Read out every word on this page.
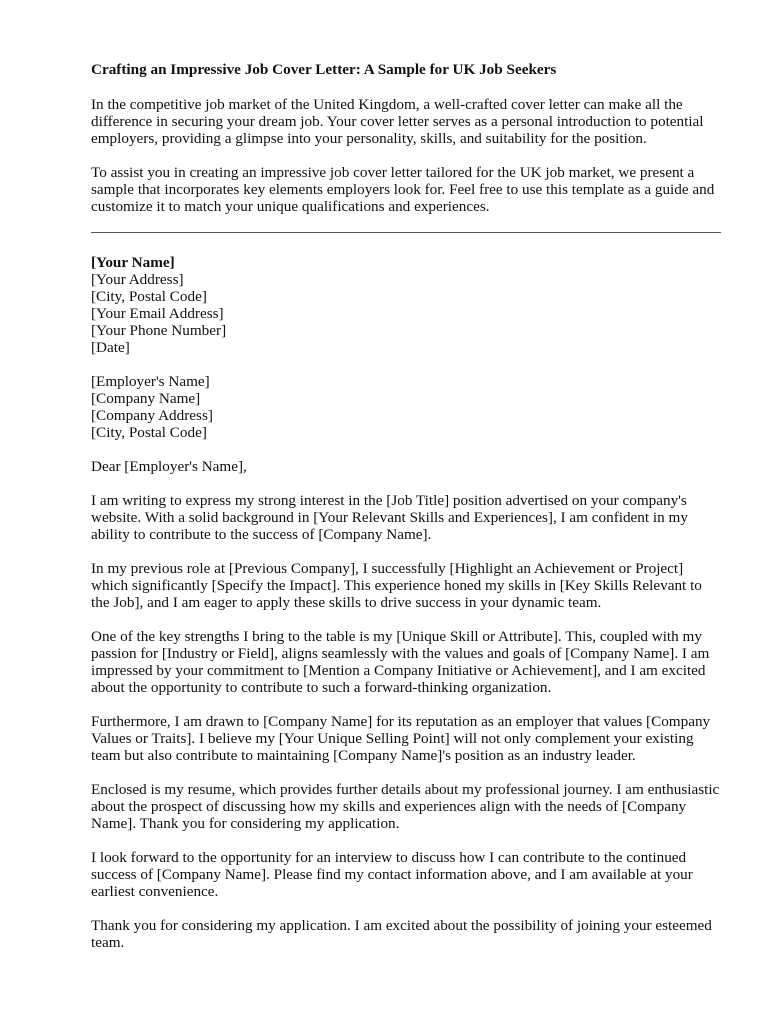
Crafting an Impressive Job Cover Letter: A Sample for UK Job Seekers

In the competitive job market of the United Kingdom, a well-crafted cover letter can make all the difference in securing your dream job. Your cover letter serves as a personal introduction to potential employers, providing a glimpse into your personality, skills, and suitability for the position.

To assist you in creating an impressive job cover letter tailored for the UK job market, we present a sample that incorporates key elements employers look for. Feel free to use this template as a guide and customize it to match your unique qualifications and experiences.

[Your Name]
[Your Address]
[City, Postal Code]
[Your Email Address]
[Your Phone Number]
[Date]
[Employer's Name]
[Company Name]
[Company Address]
[City, Postal Code]

Dear [Employer's Name],

I am writing to express my strong interest in the [Job Title] position advertised on your company's website. With a solid background in [Your Relevant Skills and Experiences], I am confident in my ability to contribute to the success of [Company Name].

In my previous role at [Previous Company], I successfully [Highlight an Achievement or Project] which significantly [Specify the Impact]. This experience honed my skills in [Key Skills Relevant to the Job], and I am eager to apply these skills to drive success in your dynamic team.

One of the key strengths I bring to the table is my [Unique Skill or Attribute]. This, coupled with my passion for [Industry or Field], aligns seamlessly with the values and goals of [Company Name]. I am impressed by your commitment to [Mention a Company Initiative or Achievement], and I am excited about the opportunity to contribute to such a forward-thinking organization.

Furthermore, I am drawn to [Company Name] for its reputation as an employer that values [Company Values or Traits]. I believe my [Your Unique Selling Point] will not only complement your existing team but also contribute to maintaining [Company Name]'s position as an industry leader.

Enclosed is my resume, which provides further details about my professional journey. I am enthusiastic about the prospect of discussing how my skills and experiences align with the needs of [Company Name]. Thank you for considering my application.

I look forward to the opportunity for an interview to discuss how I can contribute to the continued success of [Company Name]. Please find my contact information above, and I am available at your earliest convenience.

Thank you for considering my application. I am excited about the possibility of joining your esteemed team.
